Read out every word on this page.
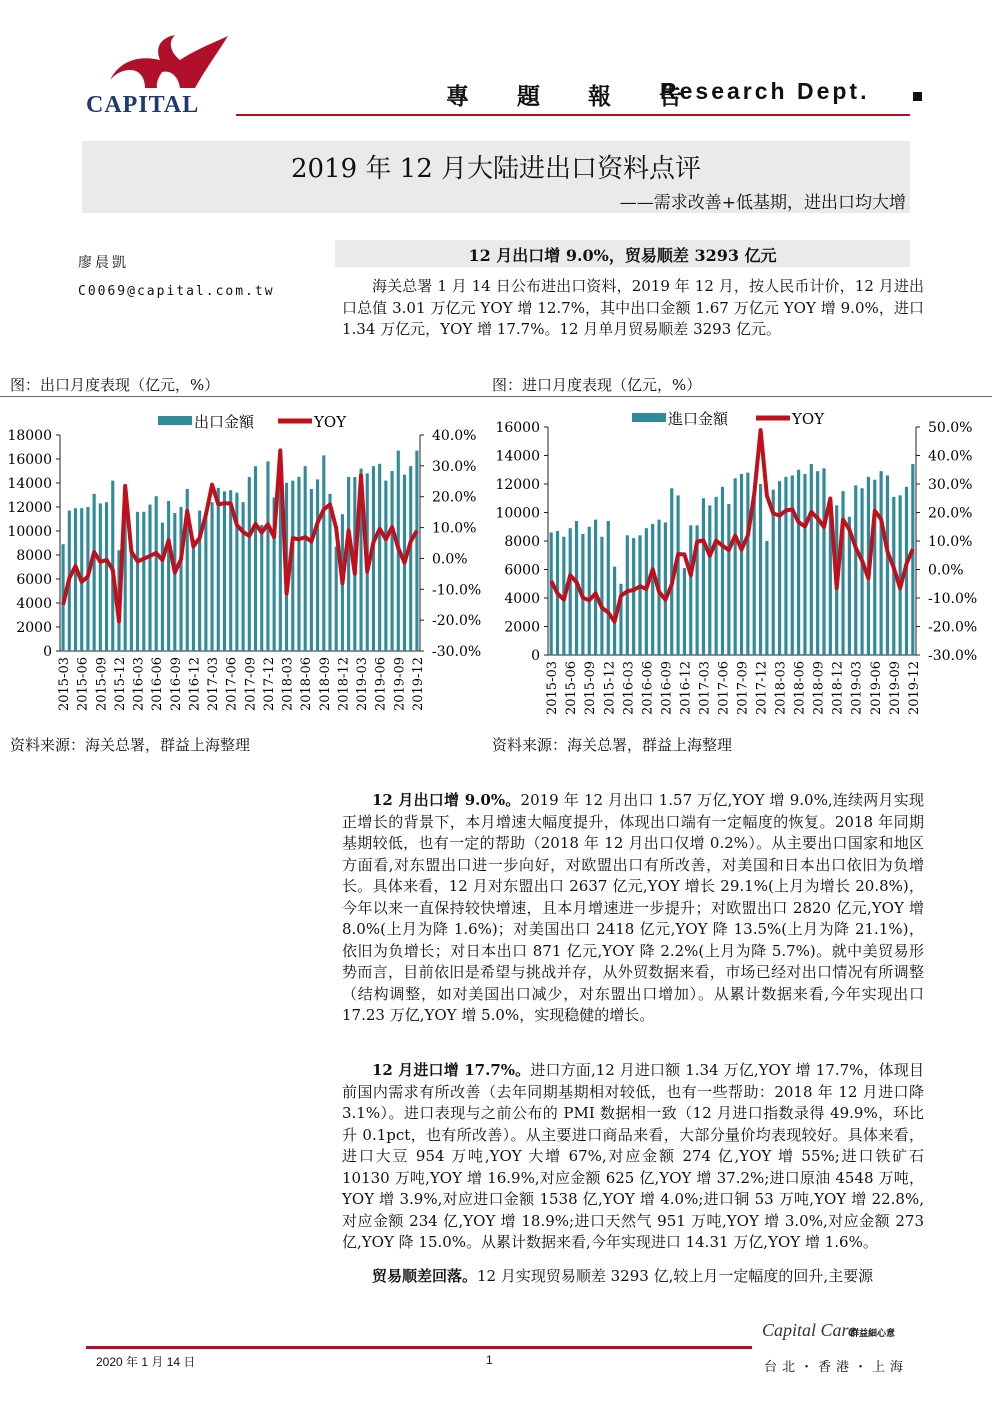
CAPITAL	專 題 報 告
Research Dept.
2019 年 12 月大陆进出口资料点评
——需求改善+低基期，进出口均大增
廖晨凱
C0069@capital.com.tw
12 月出口增 9.0%，贸易顺差 3293 亿元
海关总署 1 月 14 日公布进出口资料，2019 年 12 月，按人民币计价，12 月进出口总值 3.01 万亿元 YOY 增 12.7%，其中出口金额 1.67 万亿元 YOY 增 9.0%，进口 1.34 万亿元，YOY 增 17.7%。12 月单月贸易顺差 3293 亿元。
图：出口月度表现（亿元，%）	图：进口月度表现（亿元，%）
18000
16000
14000
12000
10000
8000
6000
4000
2000
0
40.0%
30.0%
20.0%
10.0%
0.0%
-10.0%
-20.0%
-30.0%
2015-03 2015-06 2015-09 2015-12 2016-03 2016-06 2016-09 2016-12 2017-03 2017-06 2017-09 2017-12 2018-03 2018-06 2018-09 2018-12 2019-03 2019-06 2019-09 2019-12
出口金額	YOY	16000
14000
12000
10000
8000
6000
4000
2000
0
50.0%
40.0%
30.0%
20.0%
10.0%
0.0%
-10.0%
-20.0%
-30.0%
2015-03 2015-06 2015-09 2015-12 2016-03 2016-06 2016-09 2016-12 2017-03 2017-06 2017-09 2017-12 2018-03 2018-06 2018-09 2018-12 2019-03 2019-06 2019-09 2019-12
進口金額	YOY
资料来源：海关总署，群益上海整理	资料来源：海关总署，群益上海整理
12 月出口增 9.0%。2019 年 12 月出口 1.57 万亿,YOY 增 9.0%,连续两月实现正增长的背景下，本月增速大幅度提升，体现出口端有一定幅度的恢复。2018 年同期基期较低，也有一定的帮助（2018 年 12 月出口仅增 0.2%）。从主要出口国家和地区方面看,对东盟出口进一步向好，对欧盟出口有所改善，对美国和日本出口依旧为负增长。具体来看，12 月对东盟出口 2637 亿元,YOY 增长 29.1%(上月为增长 20.8%)，今年以来一直保持较快增速，且本月增速进一步提升；对欧盟出口 2820 亿元,YOY 增 8.0%(上月为降 1.6%)；对美国出口 2418 亿元,YOY 降 13.5%(上月为降 21.1%)，依旧为负增长；对日本出口 871 亿元,YOY 降 2.2%(上月为降 5.7%)。就中美贸易形势而言，目前依旧是希望与挑战并存，从外贸数据来看，市场已经对出口情况有所调整（结构调整，如对美国出口减少，对东盟出口增加）。从累计数据来看,今年实现出口 17.23 万亿,YOY 增 5.0%，实现稳健的增长。
12 月进口增 17.7%。进口方面,12 月进口额 1.34 万亿,YOY 增 17.7%，体现目前国内需求有所改善（去年同期基期相对较低，也有一些帮助：2018 年 12 月进口降 3.1%）。进口表现与之前公布的 PMI 数据相一致（12 月进口指数录得 49.9%，环比升 0.1pct，也有所改善）。从主要进口商品来看，大部分量价均表现较好。具体来看，进口大豆 954 万吨,YOY 大增 67%,对应金额 274 亿,YOY 增 55%;进口铁矿石 10130 万吨,YOY 增 16.9%,对应金额 625 亿,YOY 增 37.2%;进口原油 4548 万吨，YOY 增 3.9%,对应进口金额 1538 亿,YOY 增 4.0%;进口铜 53 万吨,YOY 增 22.8%,对应金额 234 亿,YOY 增 18.9%;进口天然气 951 万吨,YOY 增 3.0%,对应金额 273 亿,YOY 降 15.0%。从累计数据来看,今年实现进口 14.31 万亿,YOY 增 1.6%。
贸易顺差回落。12 月实现贸易顺差 3293 亿,较上月一定幅度的回升,主要源
2020 年 1 月 14 日	1
Capital Care
群益細心意
台北・香港・上海
